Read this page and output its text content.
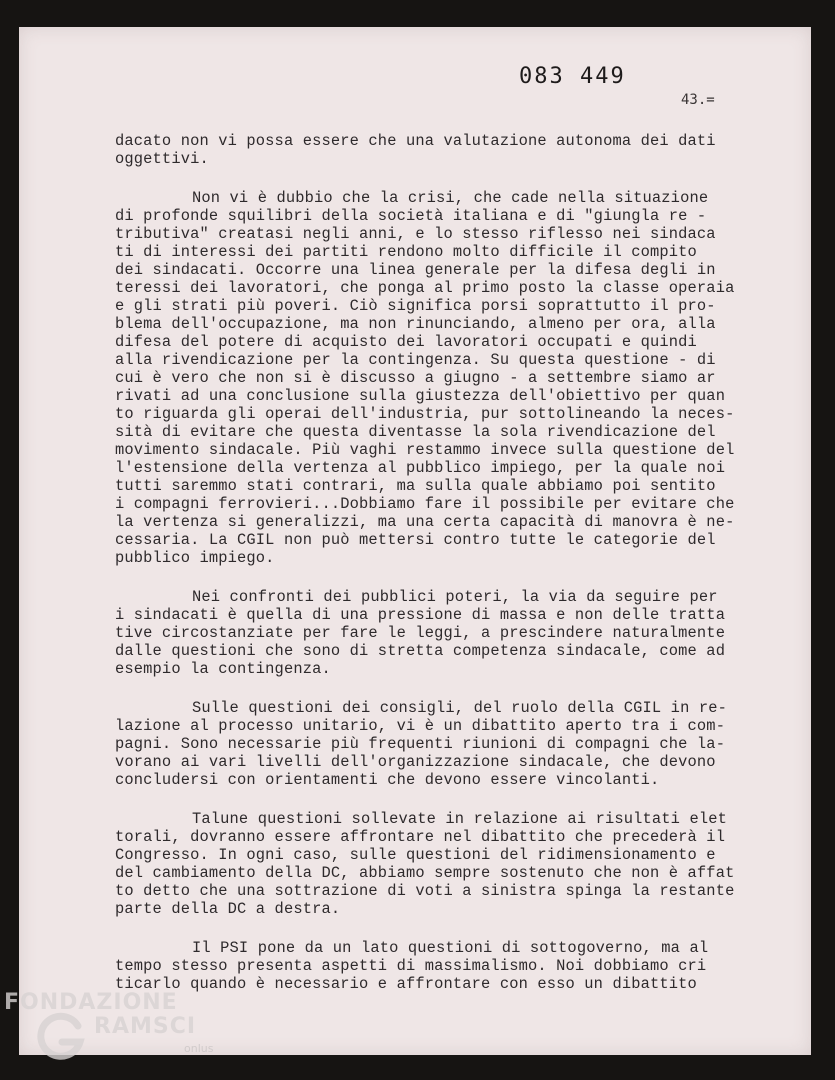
083 449
43.=
dacato non vi possa essere che una valutazione autonoma dei dati
oggettivi.
Non vi è dubbio che la crisi, che cade nella situazione
di profonde squilibri della società italiana e di "giungla re -
tributiva" creatasi negli anni, e lo stesso riflesso nei sindaca
ti di interessi dei partiti rendono molto difficile il compito
dei sindacati. Occorre una linea generale per la difesa degli in
teressi dei lavoratori, che ponga al primo posto la classe operaia
e gli strati più poveri. Ciò significa porsi soprattutto il pro-
blema dell'occupazione, ma non rinunciando, almeno per ora, alla
difesa del potere di acquisto dei lavoratori occupati e quindi
alla rivendicazione per la contingenza. Su questa questione - di
cui è vero che non si è discusso a giugno - a settembre siamo ar
rivati ad una conclusione sulla giustezza dell'obiettivo per quan
to riguarda gli operai dell'industria, pur sottolineando la neces-
sità di evitare che questa diventasse la sola rivendicazione del
movimento sindacale. Più vaghi restammo invece sulla questione del
l'estensione della vertenza al pubblico impiego, per la quale noi
tutti saremmo stati contrari, ma sulla quale abbiamo poi sentito
i compagni ferrovieri...Dobbiamo fare il possibile per evitare che
la vertenza si generalizzi, ma una certa capacità di manovra è ne-
cessaria. La CGIL non può mettersi contro tutte le categorie del
pubblico impiego.
Nei confronti dei pubblici poteri, la via da seguire per
i sindacati è quella di una pressione di massa e non delle tratta
tive circostanziate per fare le leggi, a prescindere naturalmente
dalle questioni che sono di stretta competenza sindacale, come ad
esempio la contingenza.
Sulle questioni dei consigli, del ruolo della CGIL in re-
lazione al processo unitario, vi è un dibattito aperto tra i com-
pagni. Sono necessarie più frequenti riunioni di compagni che la-
vorano ai vari livelli dell'organizzazione sindacale, che devono
concludersi con orientamenti che devono essere vincolanti.
Talune questioni sollevate in relazione ai risultati elet
torali, dovranno essere affrontare nel dibattito che precederà il
Congresso. In ogni caso, sulle questioni del ridimensionamento e
del cambiamento della DC, abbiamo sempre sostenuto che non è affat
to detto che una sottrazione di voti a sinistra spinga la restante
parte della DC a destra.
Il PSI pone da un lato questioni di sottogoverno, ma al
tempo stesso presenta aspetti di massimalismo. Noi dobbiamo cri
ticarlo quando è necessario e affrontare con esso un dibattito
FONDAZIONE
RAMSCI
onlus
